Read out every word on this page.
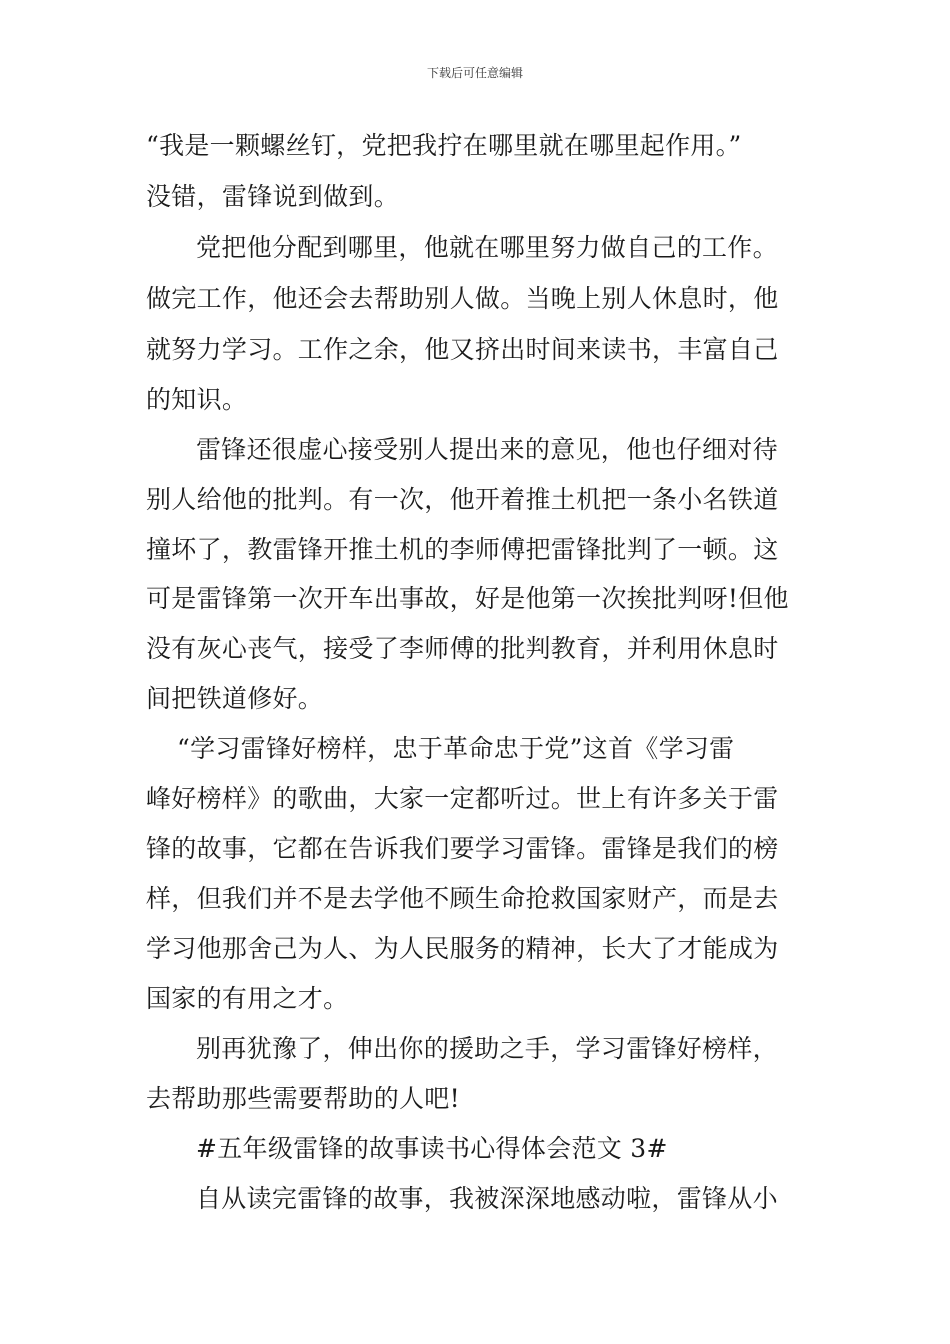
下载后可任意编辑
“我是一颗螺丝钉，党把我拧在哪里就在哪里起作用。”
没错，雷锋说到做到。
党把他分配到哪里，他就在哪里努力做自己的工作。
做完工作，他还会去帮助别人做。当晚上别人休息时，他
就努力学习。工作之余，他又挤出时间来读书，丰富自己
的知识。
雷锋还很虚心接受别人提出来的意见，他也仔细对待
别人给他的批判。有一次，他开着推土机把一条小名铁道
撞坏了，教雷锋开推土机的李师傅把雷锋批判了一顿。这
可是雷锋第一次开车出事故，好是他第一次挨批判呀!但他
没有灰心丧气，接受了李师傅的批判教育，并利用休息时
间把铁道修好。
“学习雷锋好榜样，忠于革命忠于党”这首《学习雷
峰好榜样》的歌曲，大家一定都听过。世上有许多关于雷
锋的故事，它都在告诉我们要学习雷锋。雷锋是我们的榜
样，但我们并不是去学他不顾生命抢救国家财产，而是去
学习他那舍己为人、为人民服务的精神，长大了才能成为
国家的有用之才。
别再犹豫了，伸出你的援助之手，学习雷锋好榜样，
去帮助那些需要帮助的人吧!
#五年级雷锋的故事读书心得体会范文 3#
自从读完雷锋的故事，我被深深地感动啦，雷锋从小
